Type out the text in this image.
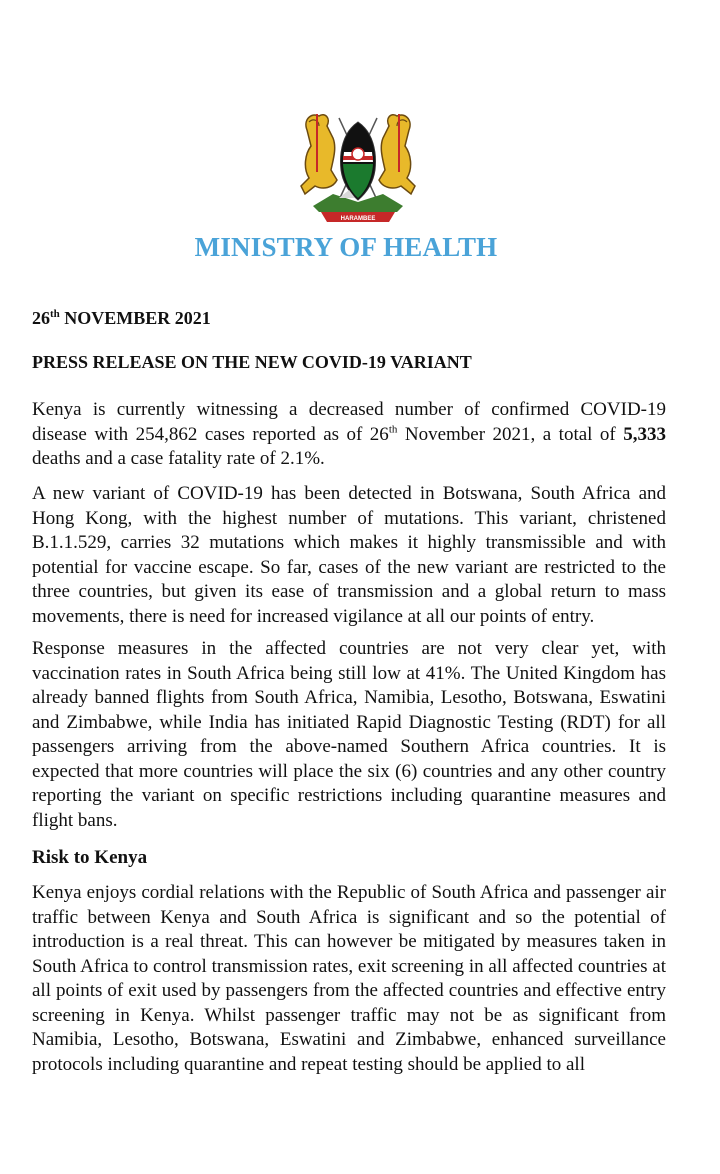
HARAMBEE
MINISTRY OF HEALTH
26th NOVEMBER 2021
PRESS RELEASE ON THE NEW COVID-19 VARIANT
Kenya is currently witnessing a decreased number of confirmed COVID-19 disease with 254,862 cases reported as of 26th November 2021, a total of 5,333 deaths and a case fatality rate of 2.1%.
A new variant of COVID-19 has been detected in Botswana, South Africa and Hong Kong, with the highest number of mutations. This variant, christened B.1.1.529, carries 32 mutations which makes it highly transmissible and with potential for vaccine escape. So far, cases of the new variant are restricted to the three countries, but given its ease of transmission and a global return to mass movements, there is need for increased vigilance at all our points of entry.
Response measures in the affected countries are not very clear yet, with vaccination rates in South Africa being still low at 41%. The United Kingdom has already banned flights from South Africa, Namibia, Lesotho, Botswana, Eswatini and Zimbabwe, while India has initiated Rapid Diagnostic Testing (RDT) for all passengers arriving from the above-named Southern Africa countries. It is expected that more countries will place the six (6) countries and any other country reporting the variant on specific restrictions including quarantine measures and flight bans.
Risk to Kenya
Kenya enjoys cordial relations with the Republic of South Africa and passenger air traffic between Kenya and South Africa is significant and so the potential of introduction is a real threat. This can however be mitigated by measures taken in South Africa to control transmission rates, exit screening in all affected countries at all points of exit used by passengers from the affected countries and effective entry screening in Kenya. Whilst passenger traffic may not be as significant from Namibia, Lesotho, Botswana, Eswatini and Zimbabwe, enhanced surveillance protocols including quarantine and repeat testing should be applied to all
